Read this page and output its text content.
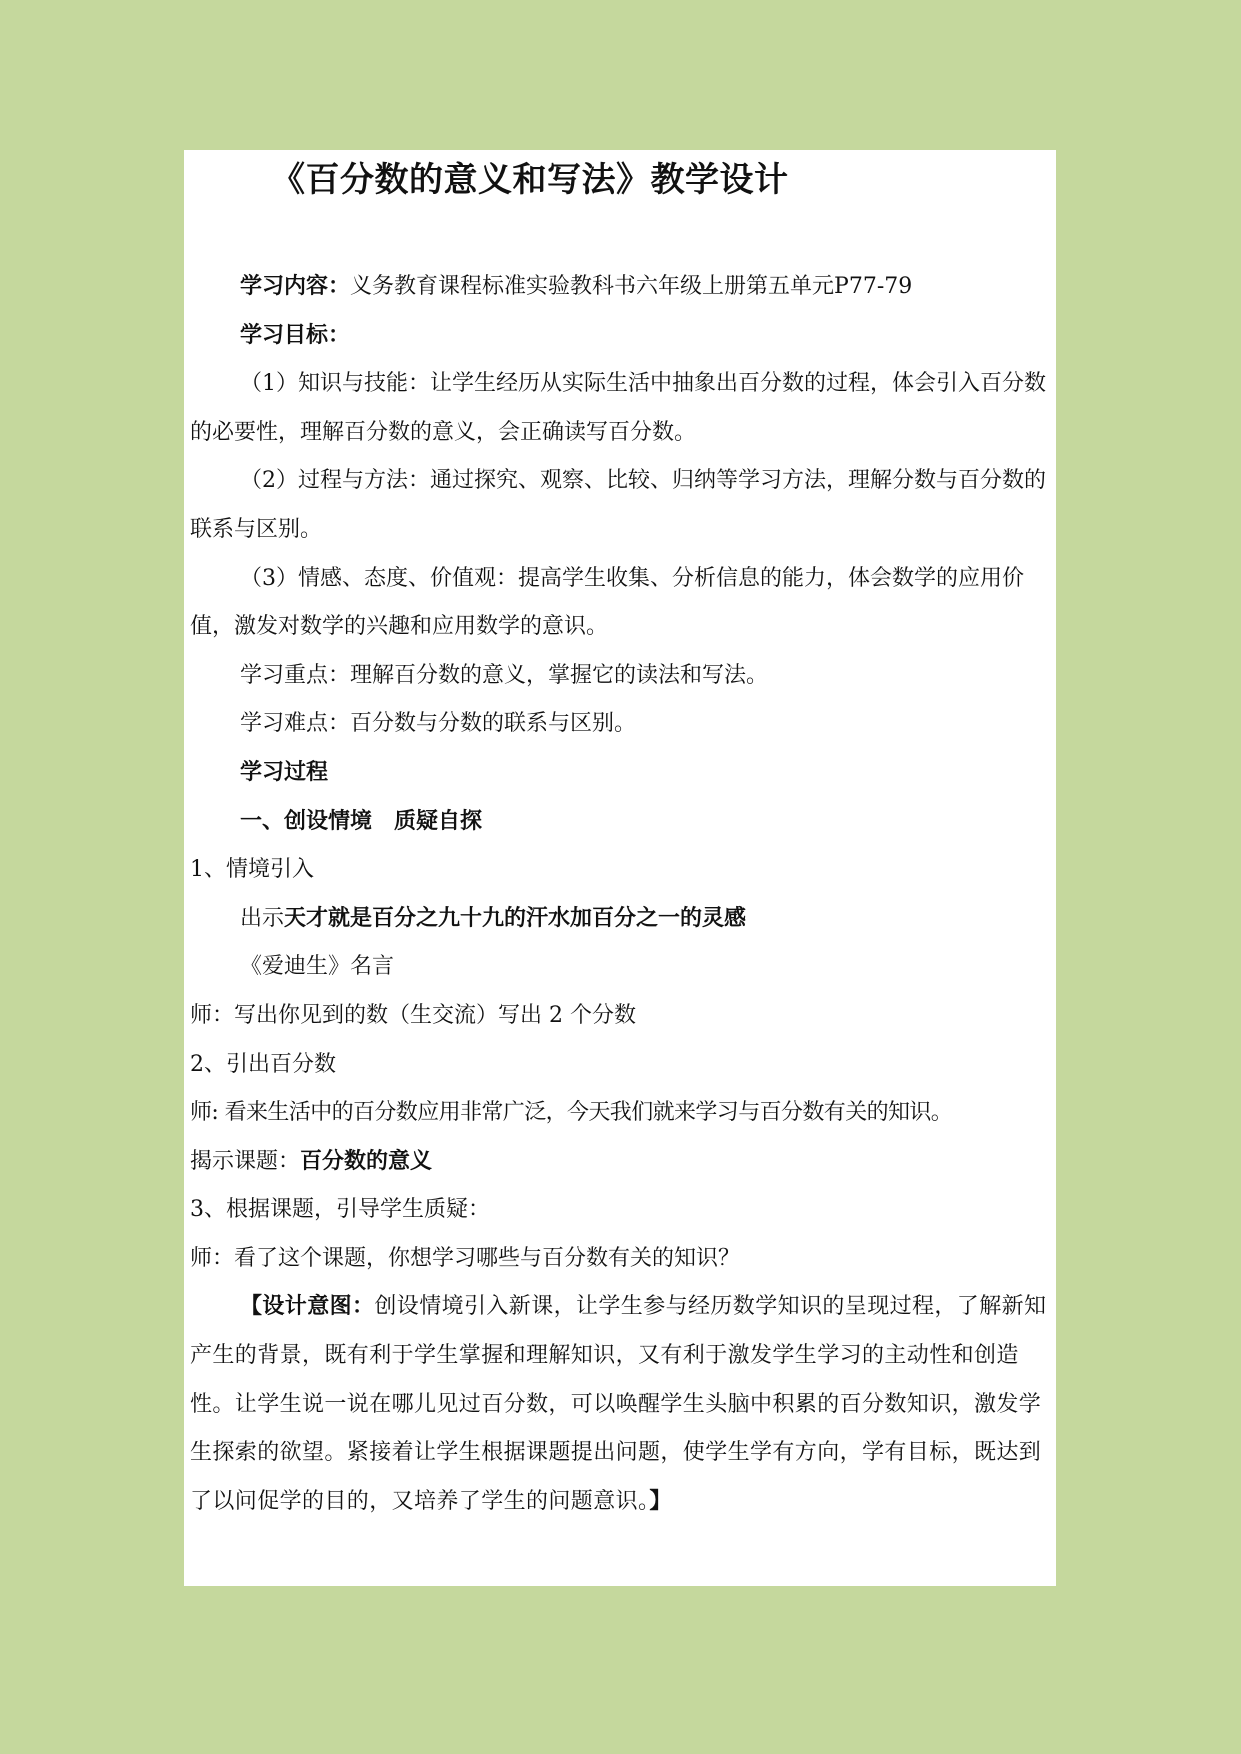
《百分数的意义和写法》教学设计

学习内容：义务教育课程标准实验教科书六年级上册第五单元P77-79

学习目标：

（1）知识与技能：让学生经历从实际生活中抽象出百分数的过程，体会引入百分数的必要性，理解百分数的意义，会正确读写百分数。

（2）过程与方法：通过探究、观察、比较、归纳等学习方法，理解分数与百分数的联系与区别。

（3）情感、态度、价值观：提高学生收集、分析信息的能力，体会数学的应用价值，激发对数学的兴趣和应用数学的意识。

学习重点：理解百分数的意义，掌握它的读法和写法。

学习难点：百分数与分数的联系与区别。

学习过程

一、创设情境　质疑自探

1、情境引入

出示天才就是百分之九十九的汗水加百分之一的灵感

《爱迪生》名言

师：写出你见到的数（生交流）写出 2 个分数

2、引出百分数

师: 看来生活中的百分数应用非常广泛，今天我们就来学习与百分数有关的知识。

揭示课题：百分数的意义

3、根据课题，引导学生质疑：

师：看了这个课题，你想学习哪些与百分数有关的知识？

【设计意图：创设情境引入新课，让学生参与经历数学知识的呈现过程，了解新知产生的背景，既有利于学生掌握和理解知识，又有利于激发学生学习的主动性和创造性。让学生说一说在哪儿见过百分数，可以唤醒学生头脑中积累的百分数知识，激发学生探索的欲望。紧接着让学生根据课题提出问题，使学生学有方向，学有目标，既达到了以问促学的目的，又培养了学生的问题意识。】
